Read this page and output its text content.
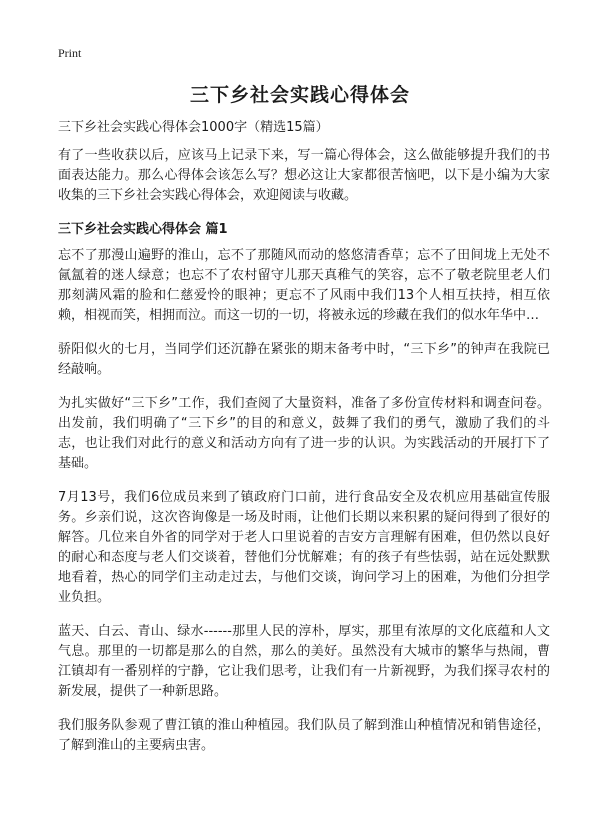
Print
三下乡社会实践心得体会

三下乡社会实践心得体会1000字（精选15篇）

有了一些收获以后，应该马上记录下来，写一篇心得体会，这么做能够提升我们的书面表达能力。那么心得体会该怎么写？想必这让大家都很苦恼吧，以下是小编为大家收集的三下乡社会实践心得体会，欢迎阅读与收藏。

三下乡社会实践心得体会 篇1

忘不了那漫山遍野的淮山，忘不了那随风而动的悠悠清香草；忘不了田间垅上无处不氤氲着的迷人绿意；也忘不了农村留守儿那天真稚气的笑容，忘不了敬老院里老人们那刻满风霜的脸和仁慈爱怜的眼神；更忘不了风雨中我们13个人相互扶持，相互依赖，相视而笑，相拥而泣。而这一切的一切，将被永远的珍藏在我们的似水年华中…

骄阳似火的七月，当同学们还沉静在紧张的期末备考中时，“三下乡”的钟声在我院已经敲响。

为扎实做好“三下乡”工作，我们查阅了大量资料，准备了多份宣传材料和调查问卷。出发前，我们明确了“三下乡”的目的和意义，鼓舞了我们的勇气，激励了我们的斗志，也让我们对此行的意义和活动方向有了进一步的认识。为实践活动的开展打下了基础。

7月13号，我们6位成员来到了镇政府门口前，进行食品安全及农机应用基础宣传服务。乡亲们说，这次咨询像是一场及时雨，让他们长期以来积累的疑问得到了很好的解答。几位来自外省的同学对于老人口里说着的吉安方言理解有困难，但仍然以良好的耐心和态度与老人们交谈着，替他们分忧解难；有的孩子有些怯弱，站在远处默默地看着，热心的同学们主动走过去，与他们交谈，询问学习上的困难，为他们分担学业负担。

蓝天、白云、青山、绿水------那里人民的淳朴，厚实，那里有浓厚的文化底蕴和人文气息。那里的一切都是那么的自然，那么的美好。虽然没有大城市的繁华与热闹，曹江镇却有一番别样的宁静，它让我们思考，让我们有一片新视野，为我们探寻农村的新发展，提供了一种新思路。

我们服务队参观了曹江镇的淮山种植园。我们队员了解到淮山种植情况和销售途径，了解到淮山的主要病虫害。
